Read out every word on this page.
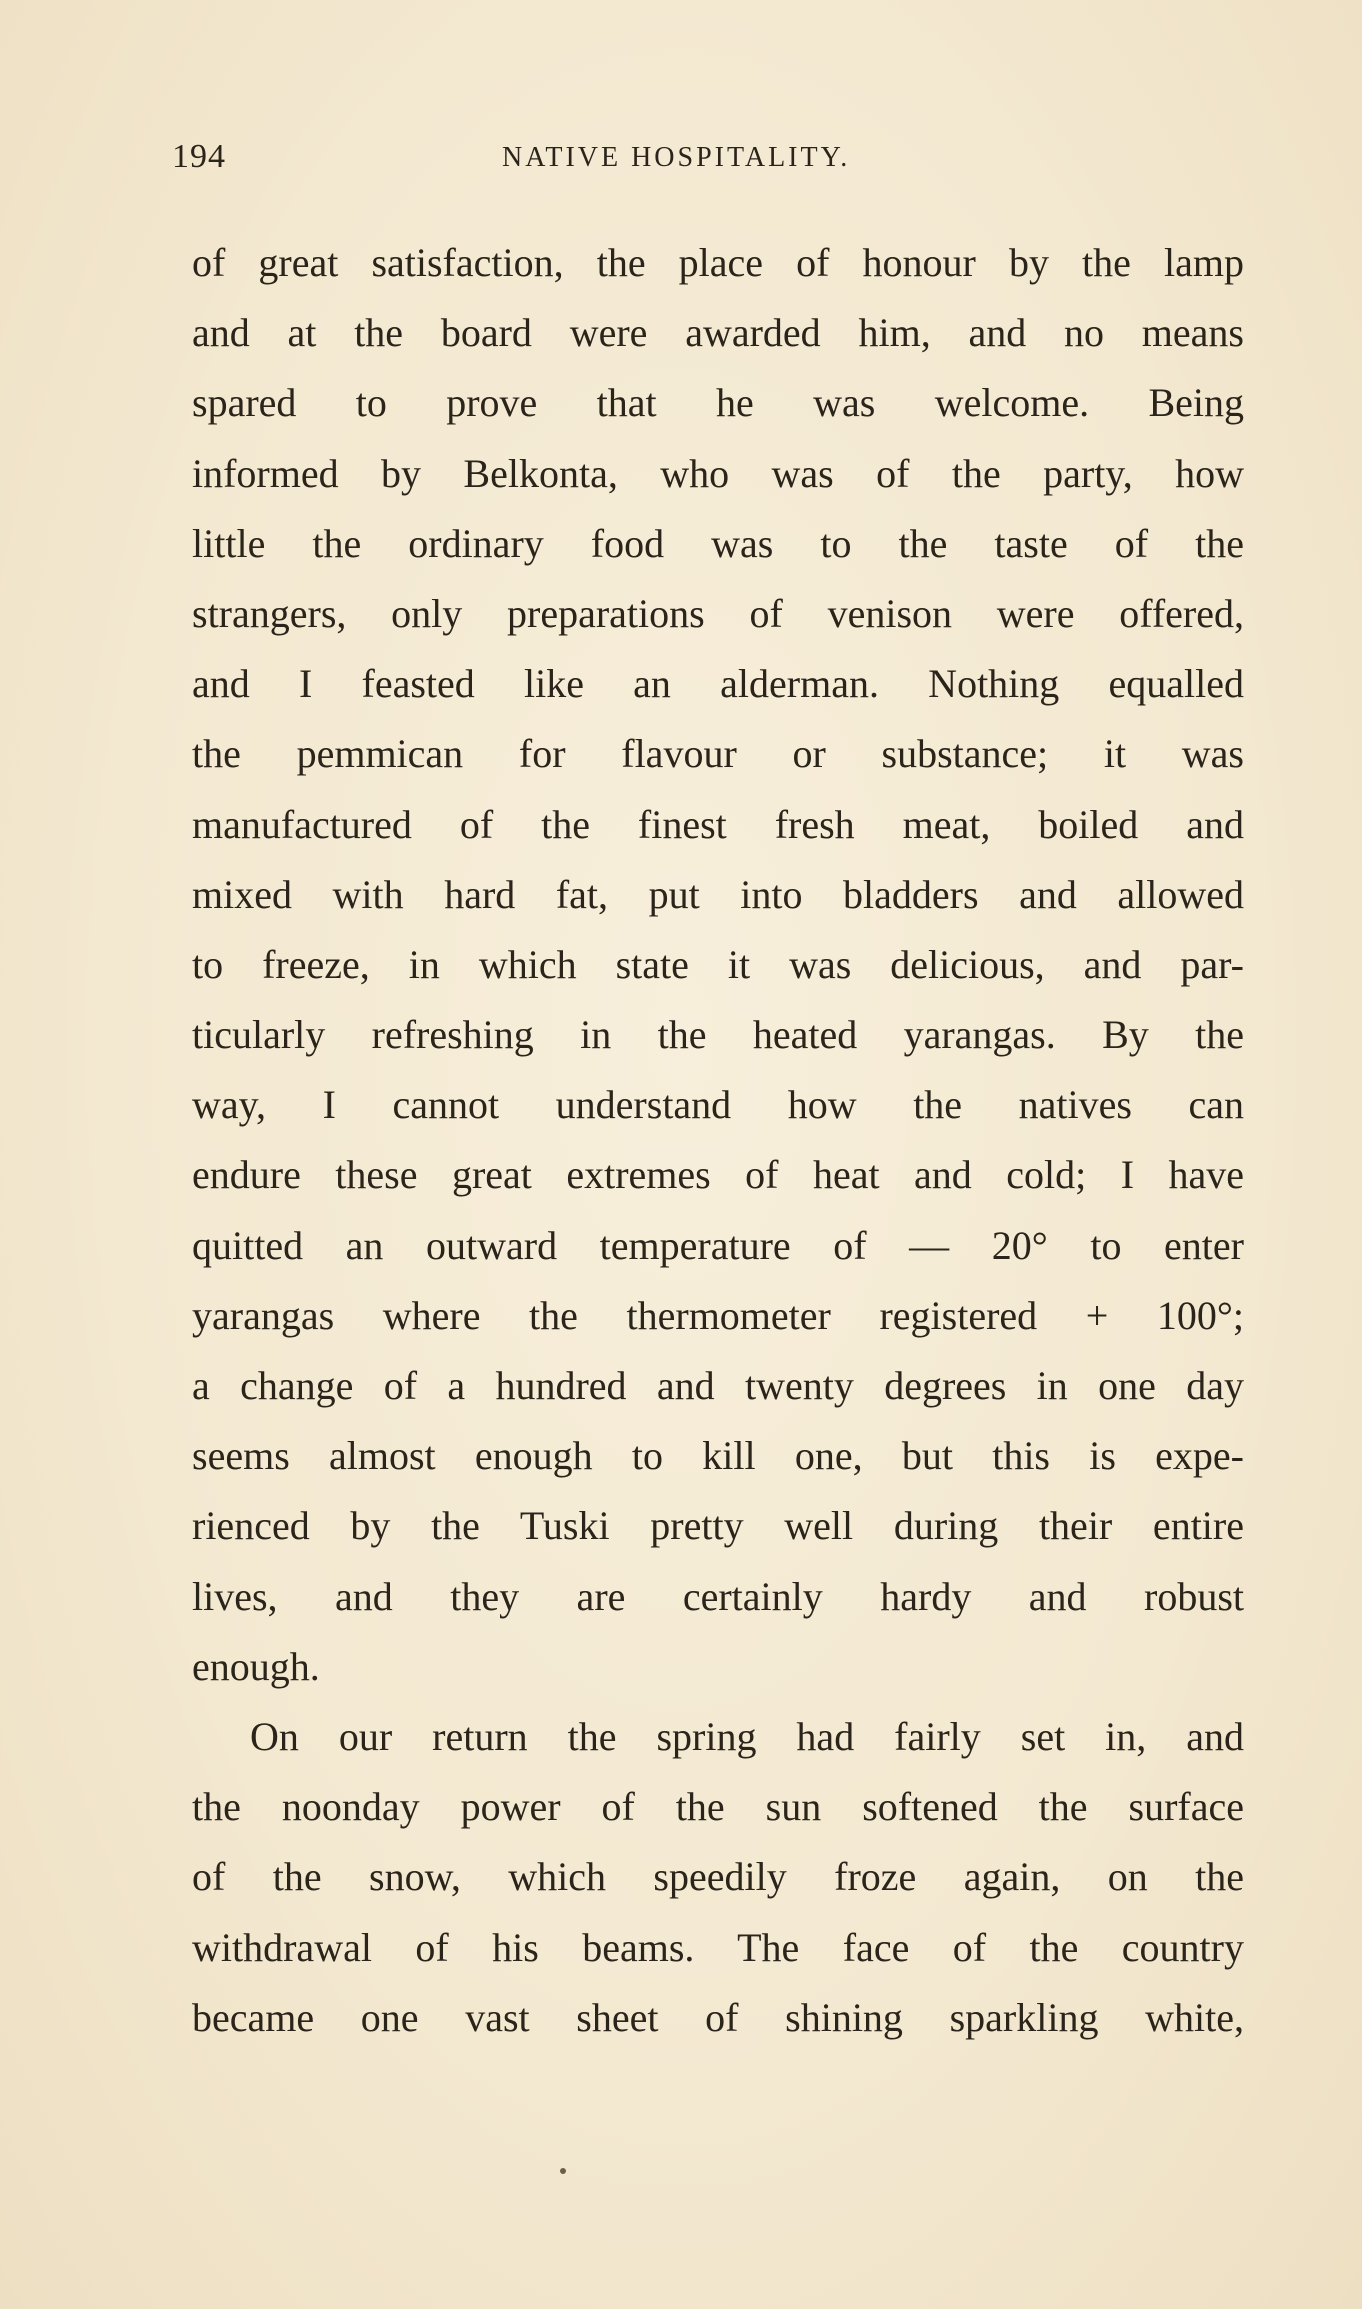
194	NATIVE HOSPITALITY.
of great satisfaction, the place of honour by the lamp
and at the board were awarded him, and no means
spared to prove that he was welcome. Being
informed by Belkonta, who was of the party, how
little the ordinary food was to the taste of the
strangers, only preparations of venison were offered,
and I feasted like an alderman. Nothing equalled
the pemmican for flavour or substance; it was
manufactured of the finest fresh meat, boiled and
mixed with hard fat, put into bladders and allowed
to freeze, in which state it was delicious, and par-
ticularly refreshing in the heated yarangas. By the
way, I cannot understand how the natives can
endure these great extremes of heat and cold; I have
quitted an outward temperature of — 20° to enter
yarangas where the thermometer registered + 100°;
a change of a hundred and twenty degrees in one day
seems almost enough to kill one, but this is expe-
rienced by the Tuski pretty well during their entire
lives, and they are certainly hardy and robust
enough.
On our return the spring had fairly set in, and
the noonday power of the sun softened the surface
of the snow, which speedily froze again, on the
withdrawal of his beams. The face of the country
became one vast sheet of shining sparkling white,
